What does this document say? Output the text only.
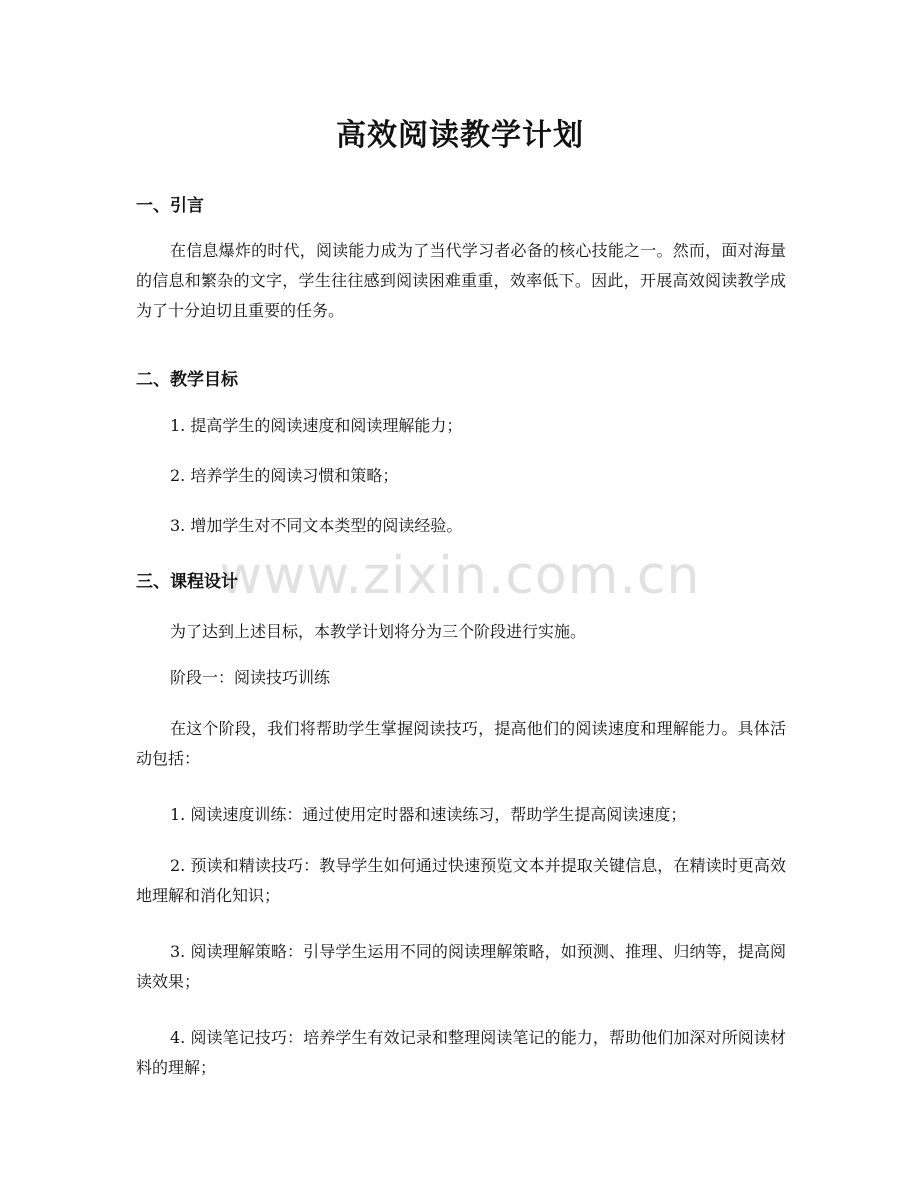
www.zixin.com.cn
高效阅读教学计划
一、引言
在信息爆炸的时代，阅读能力成为了当代学习者必备的核心技能之一。然而，面对海量的信息和繁杂的文字，学生往往感到阅读困难重重，效率低下。因此，开展高效阅读教学成为了十分迫切且重要的任务。
二、教学目标
1. 提高学生的阅读速度和阅读理解能力；
2. 培养学生的阅读习惯和策略；
3. 增加学生对不同文本类型的阅读经验。
三、课程设计
为了达到上述目标，本教学计划将分为三个阶段进行实施。
阶段一：阅读技巧训练
在这个阶段，我们将帮助学生掌握阅读技巧，提高他们的阅读速度和理解能力。具体活动包括：
1. 阅读速度训练：通过使用定时器和速读练习，帮助学生提高阅读速度；
2. 预读和精读技巧：教导学生如何通过快速预览文本并提取关键信息，在精读时更高效地理解和消化知识；
3. 阅读理解策略：引导学生运用不同的阅读理解策略，如预测、推理、归纳等，提高阅读效果；
4. 阅读笔记技巧：培养学生有效记录和整理阅读笔记的能力，帮助他们加深对所阅读材料的理解；
